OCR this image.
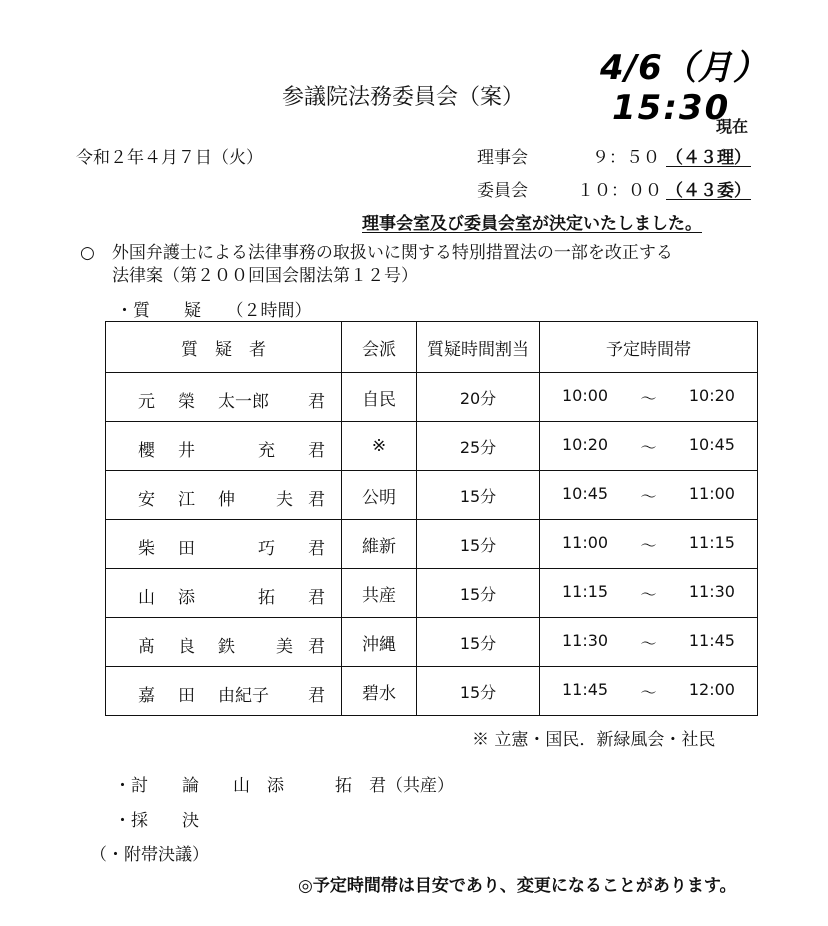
4/6（月）
15:30
現在
参議院法務委員会（案）
令和２年４月７日（火）	理事会	９：５０ （４３理）
委員会	１０：００ （４３委）
理事会室及び委員会室が決定いたしました。
○　外国弁護士による法律事務の取扱いに関する特別措置法の一部を改正する
法律案（第２００回国会閣法第１２号）
・質　　疑　　（２時間）
質　疑　者	会派	質疑時間割当	予定時間帯

元 榮 太一郎 君	自民	20分	10:00 ～ 10:20

櫻 井 充 君	※	25分	10:20 ～ 10:45

安 江 伸 夫 君	公明	15分	10:45 ～ 11:00

柴 田 巧 君	維新	15分	11:00 ～ 11:15

山 添 拓 君	共産	15分	11:15 ～ 11:30

髙 良 鉄 美 君	沖縄	15分	11:30 ～ 11:45

嘉 田 由紀子 君	碧水	15分	11:45 ～ 12:00
※ 立憲・国民．新緑風会・社民
・討　　論　　山　添　　　拓　君（共産）
・採　　決
（・附帯決議）
◎予定時間帯は目安であり、変更になることがあります。
